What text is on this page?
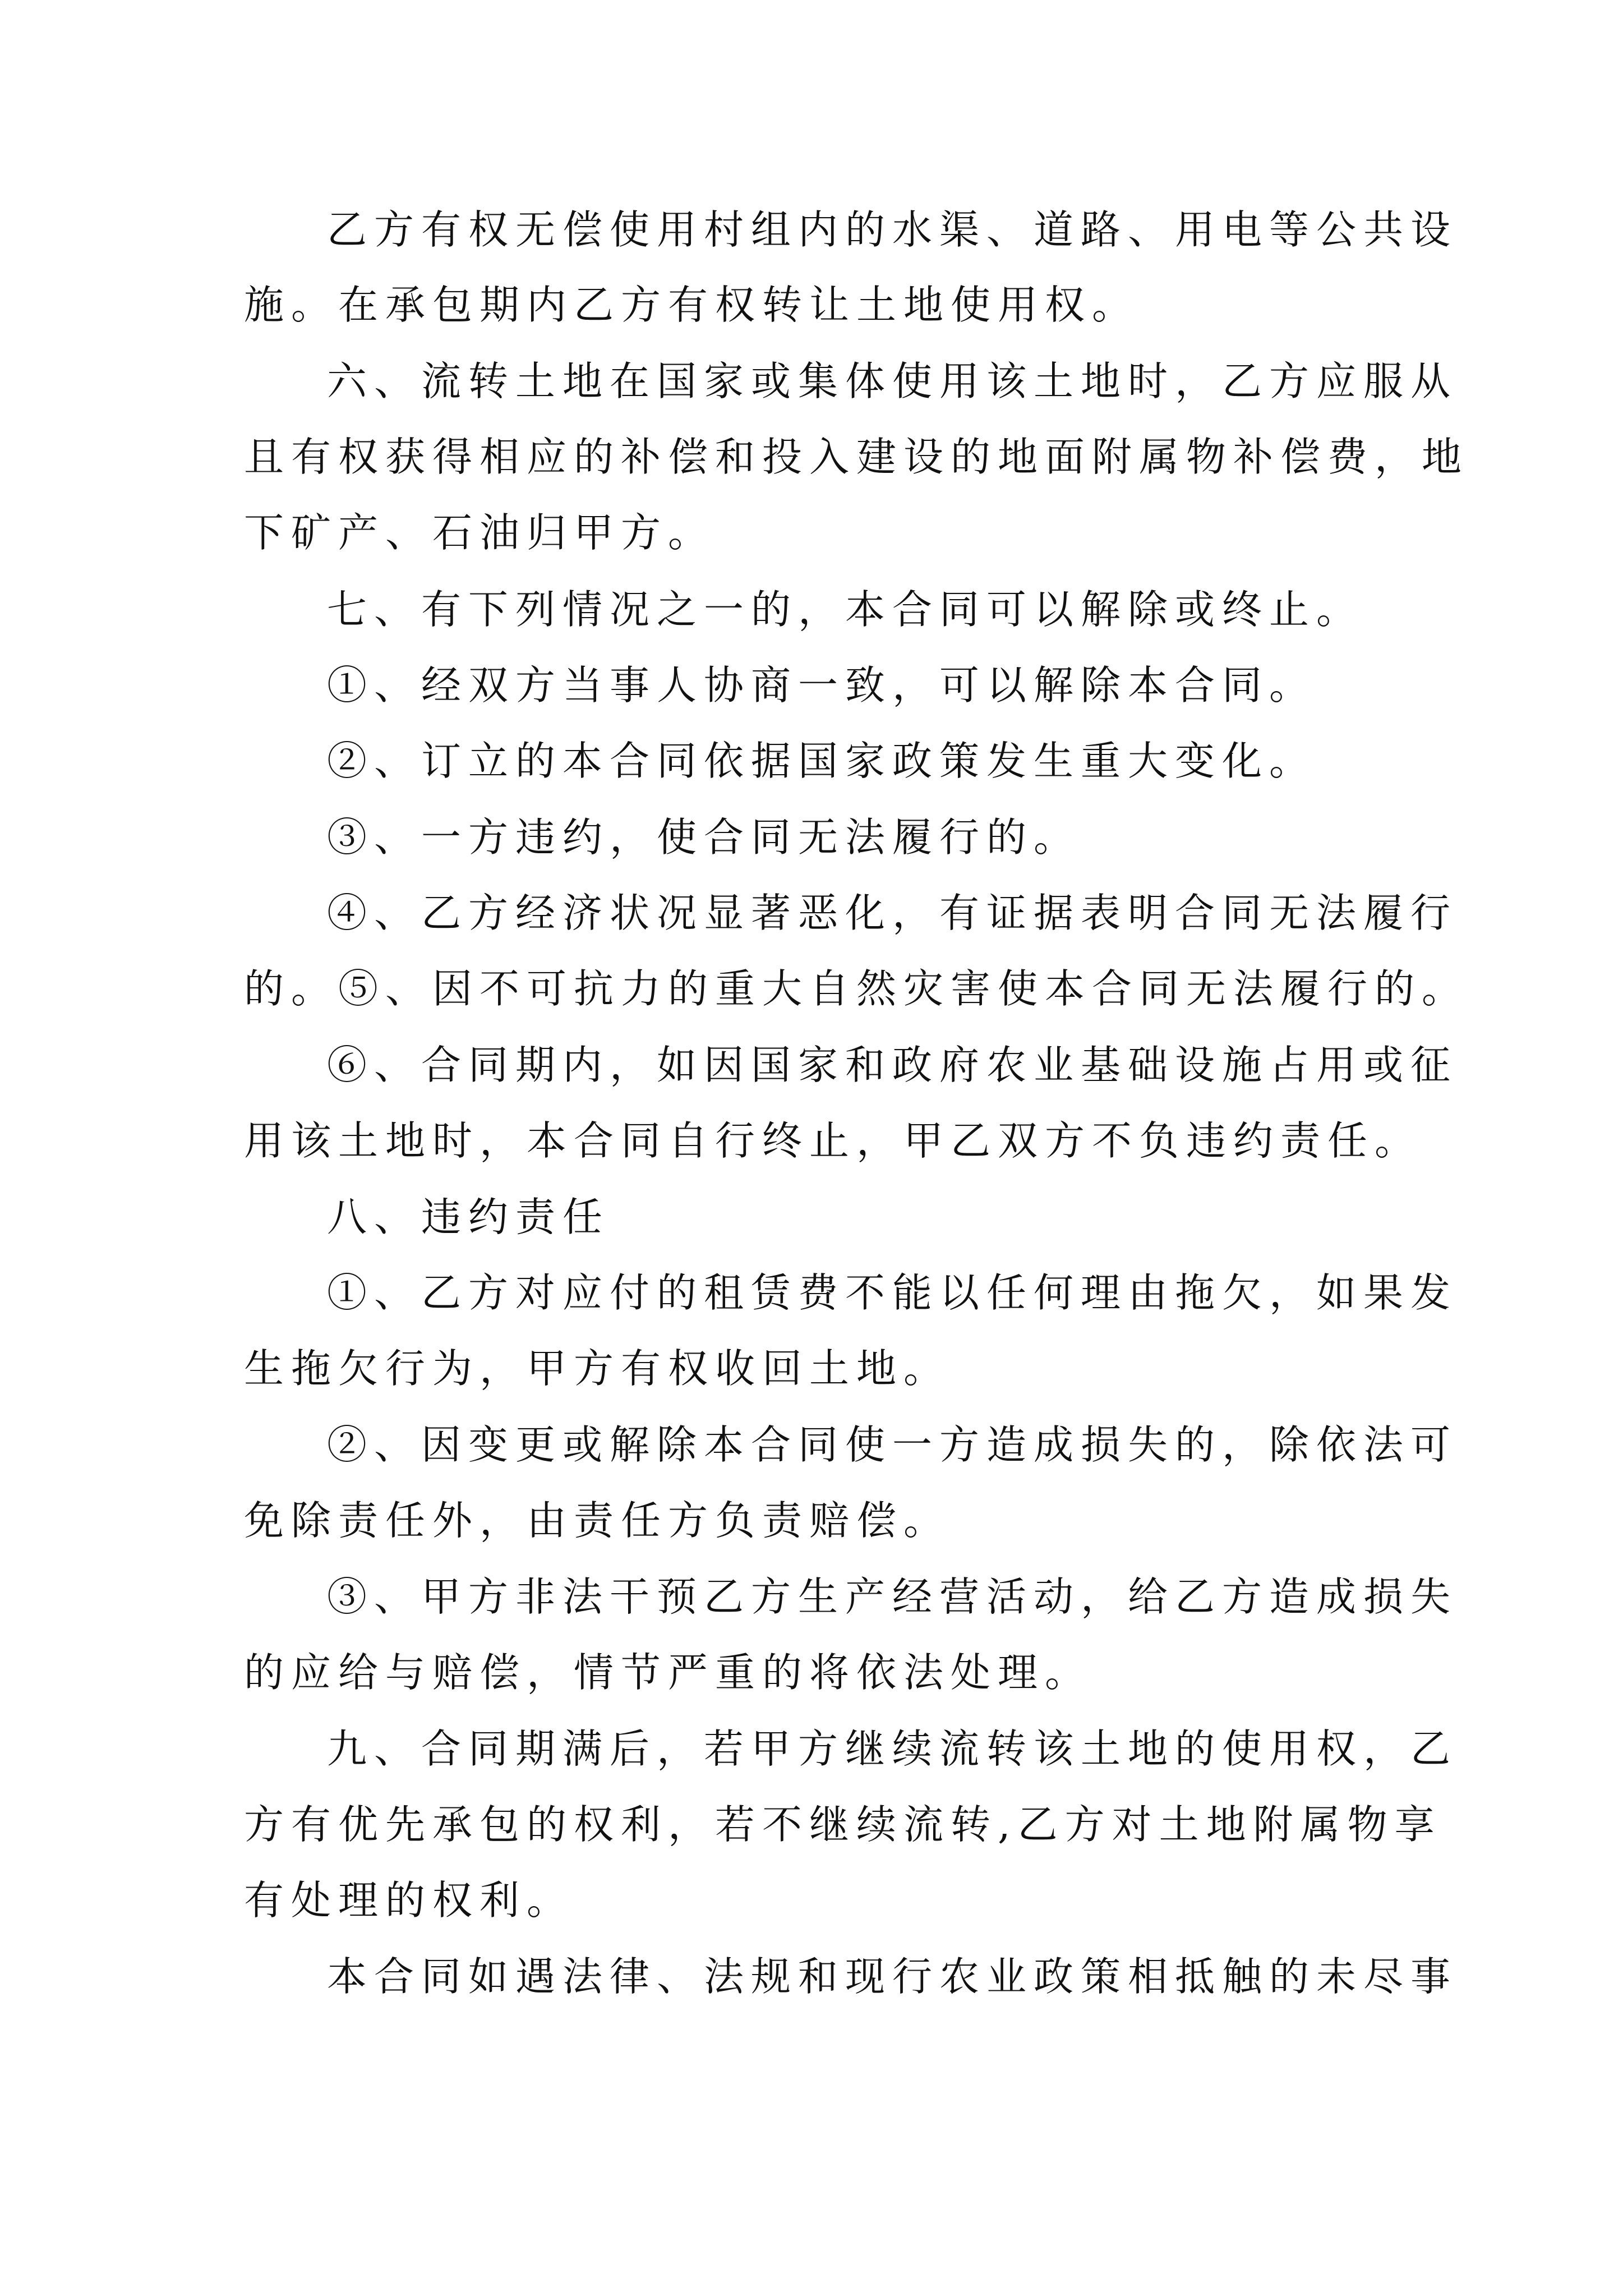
乙方有权无偿使用村组内的水渠、道路、用电等公共设
施。在承包期内乙方有权转让土地使用权。
六、流转土地在国家或集体使用该土地时，乙方应服从
且有权获得相应的补偿和投入建设的地面附属物补偿费，地
下矿产、石油归甲方。
七、有下列情况之一的，本合同可以解除或终止。
①、经双方当事人协商一致，可以解除本合同。
②、订立的本合同依据国家政策发生重大变化。
③、一方违约，使合同无法履行的。
④、乙方经济状况显著恶化，有证据表明合同无法履行
的。⑤、因不可抗力的重大自然灾害使本合同无法履行的。
⑥、合同期内，如因国家和政府农业基础设施占用或征
用该土地时，本合同自行终止，甲乙双方不负违约责任。
八、违约责任
①、乙方对应付的租赁费不能以任何理由拖欠，如果发
生拖欠行为，甲方有权收回土地。
②、因变更或解除本合同使一方造成损失的，除依法可
免除责任外，由责任方负责赔偿。
③、甲方非法干预乙方生产经营活动，给乙方造成损失
的应给与赔偿，情节严重的将依法处理。
九、合同期满后，若甲方继续流转该土地的使用权，乙
方有优先承包的权利，若不继续流转,乙方对土地附属物享
有处理的权利。
本合同如遇法律、法规和现行农业政策相抵触的未尽事
